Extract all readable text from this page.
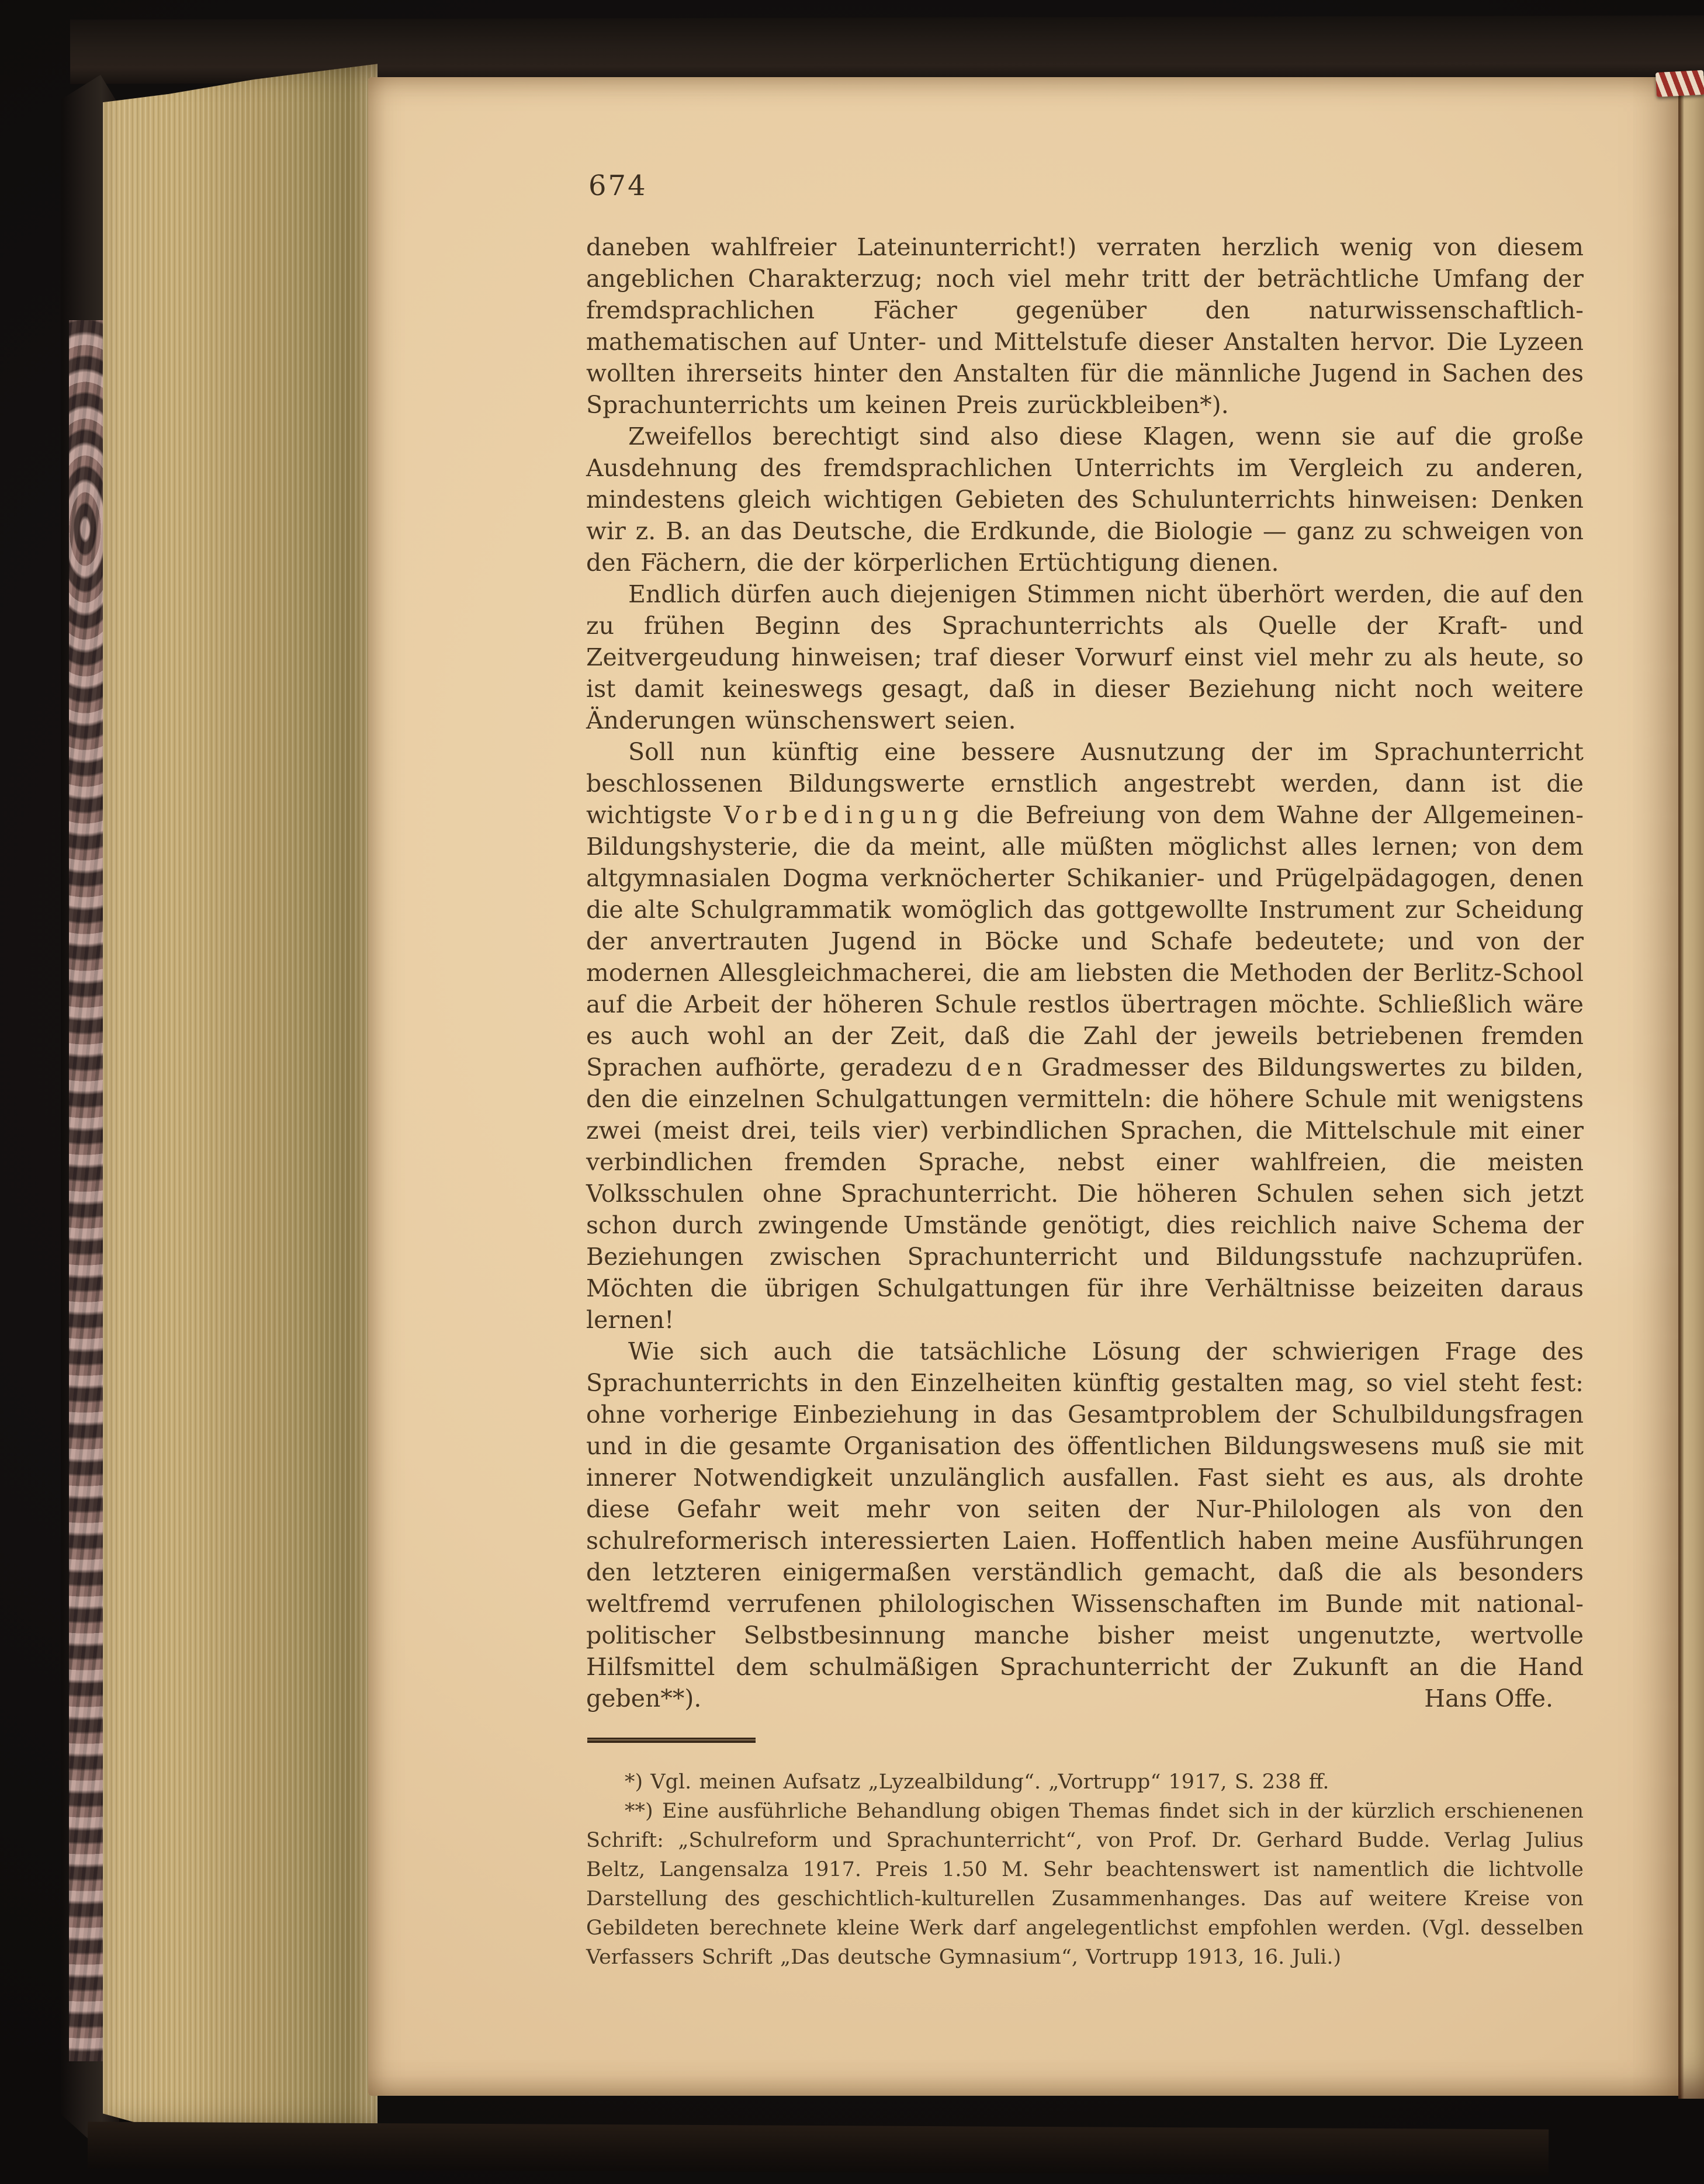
674

daneben wahlfreier Lateinunterricht!) verraten herzlich wenig von diesem angeblichen Charakterzug; noch viel mehr tritt der beträchtliche Umfang der fremdsprachlichen Fächer gegenüber den naturwissenschaftlich-mathematischen auf Unter- und Mittelstufe dieser Anstalten hervor. Die Lyzeen wollten ihrerseits hinter den Anstalten für die männliche Jugend in Sachen des Sprachunterrichts um keinen Preis zurückbleiben*).

Zweifellos berechtigt sind also diese Klagen, wenn sie auf die große Ausdehnung des fremdsprachlichen Unterrichts im Vergleich zu anderen, mindestens gleich wichtigen Gebieten des Schulunterrichts hinweisen: Denken wir z. B. an das Deutsche, die Erdkunde, die Biologie — ganz zu schweigen von den Fächern, die der körperlichen Ertüchtigung dienen.

Endlich dürfen auch diejenigen Stimmen nicht überhört werden, die auf den zu frühen Beginn des Sprachunterrichts als Quelle der Kraft- und Zeitvergeudung hinweisen; traf dieser Vorwurf einst viel mehr zu als heute, so ist damit keineswegs gesagt, daß in dieser Beziehung nicht noch weitere Änderungen wünschenswert seien.

Soll nun künftig eine bessere Ausnutzung der im Sprachunterricht beschlossenen Bildungswerte ernstlich angestrebt werden, dann ist die wichtigste Vorbedingung die Befreiung von dem Wahne der Allgemeinen-Bildungshysterie, die da meint, alle müßten möglichst alles lernen; von dem altgymnasialen Dogma verknöcherter Schikanier- und Prügelpädagogen, denen die alte Schulgrammatik womöglich das gottgewollte Instrument zur Scheidung der anvertrauten Jugend in Böcke und Schafe bedeutete; und von der modernen Allesgleichmacherei, die am liebsten die Methoden der Berlitz-School auf die Arbeit der höheren Schule restlos übertragen möchte. Schließlich wäre es auch wohl an der Zeit, daß die Zahl der jeweils betriebenen fremden Sprachen aufhörte, geradezu den Gradmesser des Bildungswertes zu bilden, den die einzelnen Schulgattungen vermitteln: die höhere Schule mit wenigstens zwei (meist drei, teils vier) verbindlichen Sprachen, die Mittelschule mit einer verbindlichen fremden Sprache, nebst einer wahlfreien, die meisten Volksschulen ohne Sprachunterricht. Die höheren Schulen sehen sich jetzt schon durch zwingende Umstände genötigt, dies reichlich naive Schema der Beziehungen zwischen Sprachunterricht und Bildungsstufe nachzuprüfen. Möchten die übrigen Schulgattungen für ihre Verhältnisse beizeiten daraus lernen!

Wie sich auch die tatsächliche Lösung der schwierigen Frage des Sprachunterrichts in den Einzelheiten künftig gestalten mag, so viel steht fest: ohne vorherige Einbeziehung in das Gesamtproblem der Schulbildungsfragen und in die gesamte Organisation des öffentlichen Bildungswesens muß sie mit innerer Notwendigkeit unzulänglich ausfallen. Fast sieht es aus, als drohte diese Gefahr weit mehr von seiten der Nur-Philologen als von den schulreformerisch interessierten Laien. Hoffentlich haben meine Ausführungen den letzteren einigermaßen verständlich gemacht, daß die als besonders weltfremd verrufenen philologischen Wissenschaften im Bunde mit national-politischer Selbstbesinnung manche bisher meist ungenutzte, wertvolle Hilfsmittel dem schulmäßigen Sprachunterricht der Zukunft an die Hand geben**).	Hans Offe.

*) Vgl. meinen Aufsatz „Lyzealbildung“. „Vortrupp“ 1917, S. 238 ff.

**) Eine ausführliche Behandlung obigen Themas findet sich in der kürzlich erschienenen Schrift: „Schulreform und Sprachunterricht“, von Prof. Dr. Gerhard Budde. Verlag Julius Beltz, Langensalza 1917. Preis 1.50 M. Sehr beachtenswert ist namentlich die lichtvolle Darstellung des geschichtlich-kulturellen Zusammenhanges. Das auf weitere Kreise von Gebildeten berechnete kleine Werk darf angelegentlichst empfohlen werden. (Vgl. desselben Verfassers Schrift „Das deutsche Gymnasium“, Vortrupp 1913, 16. Juli.)
